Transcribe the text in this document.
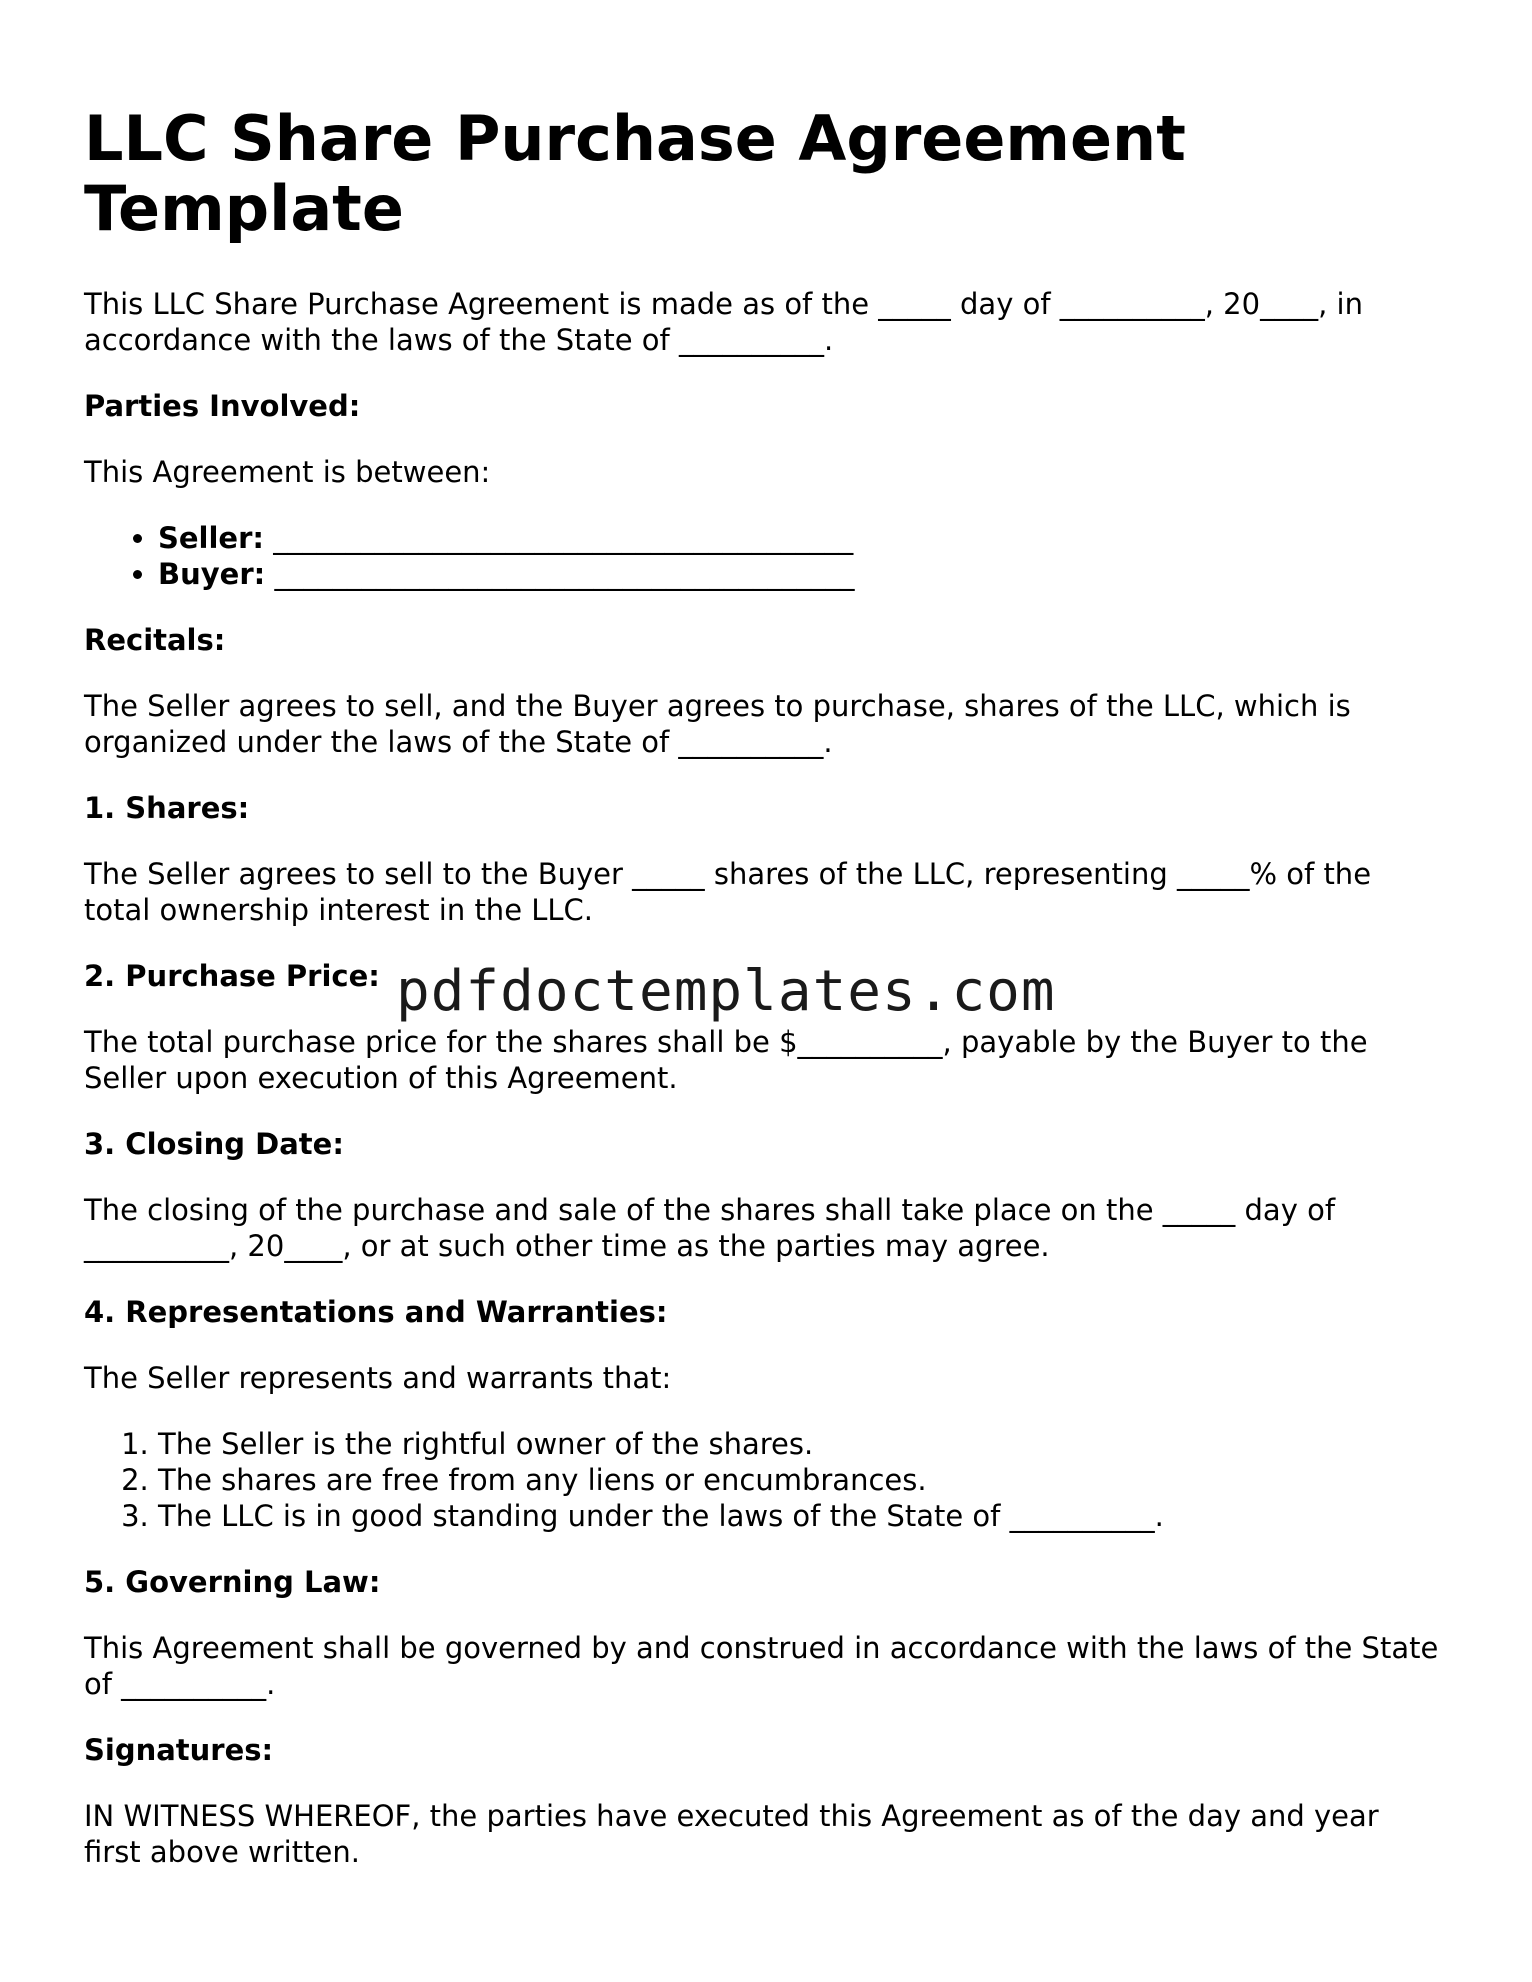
LLC Share Purchase Agreement Template

This LLC Share Purchase Agreement is made as of the _____ day of __________, 20____, in accordance with the laws of the State of __________.

Parties Involved:

This Agreement is between:

• Seller: ________________________________________
• Buyer: ________________________________________
Recitals:

The Seller agrees to sell, and the Buyer agrees to purchase, shares of the LLC, which is organized under the laws of the State of __________.

1. Shares:

The Seller agrees to sell to the Buyer _____ shares of the LLC, representing _____% of the total ownership interest in the LLC.

2. Purchase Price:

The total purchase price for the shares shall be $__________, payable by the Buyer to the Seller upon execution of this Agreement.

3. Closing Date:

The closing of the purchase and sale of the shares shall take place on the _____ day of __________, 20____, or at such other time as the parties may agree.

4. Representations and Warranties:

The Seller represents and warrants that:

1. The Seller is the rightful owner of the shares.
2. The shares are free from any liens or encumbrances.
3. The LLC is in good standing under the laws of the State of __________.
5. Governing Law:

This Agreement shall be governed by and construed in accordance with the laws of the State of __________.

Signatures:

IN WITNESS WHEREOF, the parties have executed this Agreement as of the day and year first above written.

pdfdoctemplates.com
